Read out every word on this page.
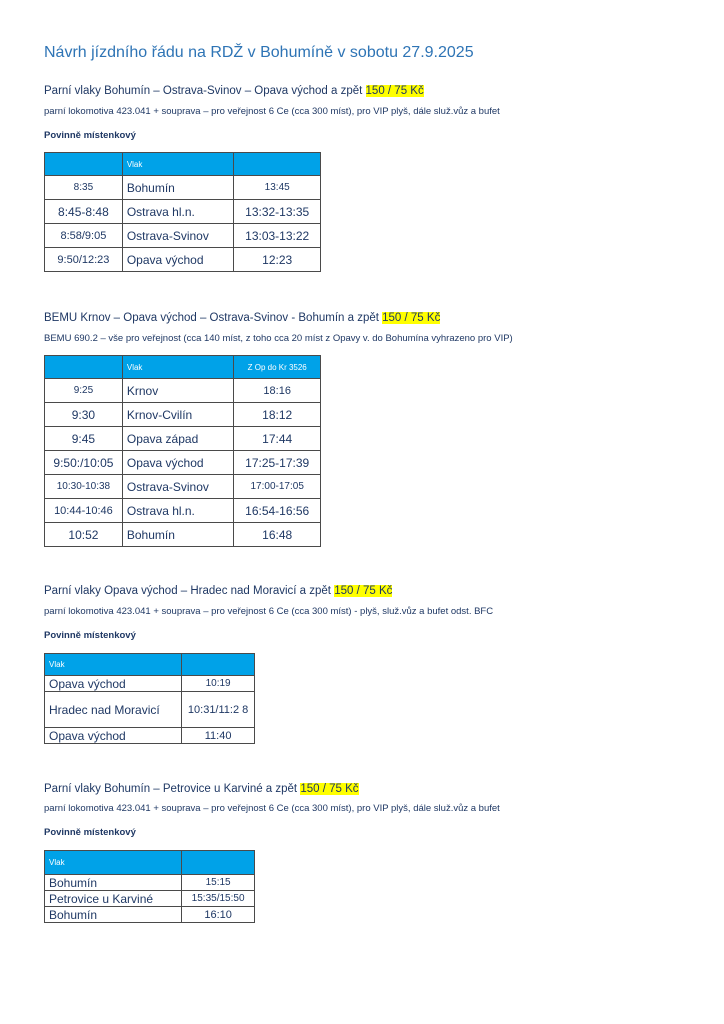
Návrh jízdního řádu na RDŽ v Bohumíně v sobotu 27.9.2025
Parní vlaky Bohumín – Ostrava-Svinov – Opava východ a zpět 150 / 75 Kč
parní lokomotiva 423.041 + souprava – pro veřejnost 6 Ce (cca 300 míst), pro VIP plyš, dále služ.vůz a bufet
Povinně místenkový
	Vlak	
8:35	Bohumín	13:45
8:45-8:48	Ostrava hl.n.	13:32-13:35
8:58/9:05	Ostrava-Svinov	13:03-13:22
9:50/12:23	Opava východ	12:23
BEMU Krnov – Opava východ – Ostrava-Svinov - Bohumín a zpět 150 / 75 Kč
BEMU 690.2 – vše pro veřejnost (cca 140 míst, z toho cca 20 míst z Opavy v. do Bohumína vyhrazeno pro VIP)
	Vlak	Z Op do Kr 3526
9:25	Krnov	18:16
9:30	Krnov-Cvilín	18:12
9:45	Opava západ	17:44
9:50:/10:05	Opava východ	17:25-17:39
10:30-10:38	Ostrava-Svinov	17:00-17:05
10:44-10:46	Ostrava hl.n.	16:54-16:56
10:52	Bohumín	16:48
Parní vlaky Opava východ – Hradec nad Moravicí a zpět 150 / 75 Kč
parní lokomotiva 423.041 + souprava – pro veřejnost 6 Ce (cca 300 míst) - plyš, služ.vůz a bufet odst. BFC
Povinně místenkový
Vlak	
Opava východ	10:19
Hradec nad Moravicí	10:31/11:2 8
Opava východ	11:40
Parní vlaky Bohumín – Petrovice u Karviné a zpět 150 / 75 Kč
parní lokomotiva 423.041 + souprava – pro veřejnost 6 Ce (cca 300 míst), pro VIP plyš, dále služ.vůz a bufet
Povinně místenkový
Vlak	
Bohumín	15:15
Petrovice u Karviné	15:35/15:50
Bohumín	16:10
